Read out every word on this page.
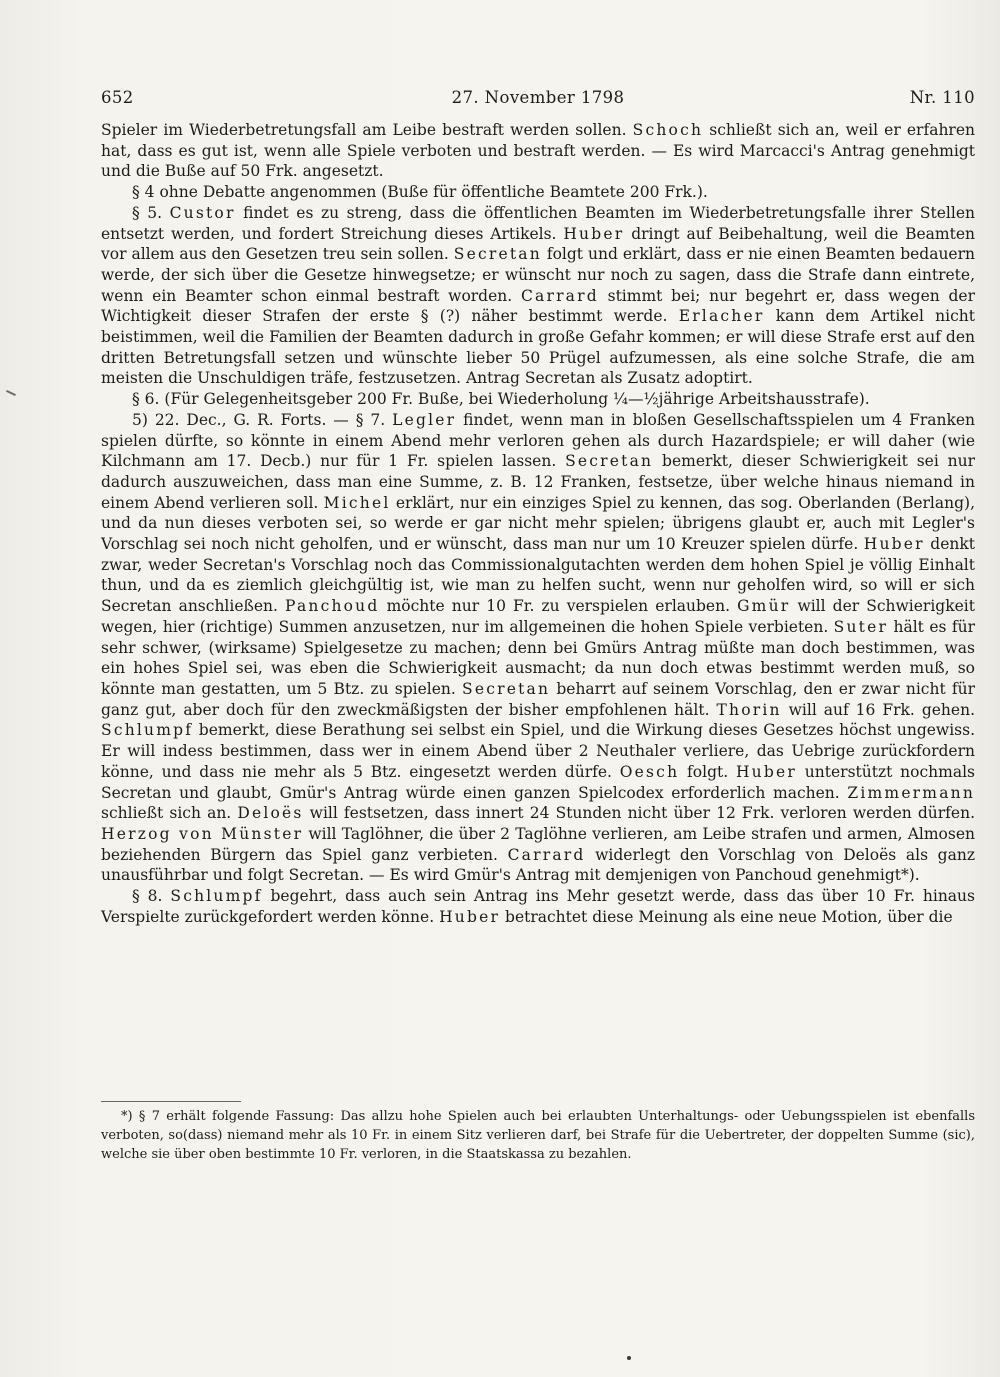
652	27. November 1798	Nr. 110

Spieler im Wiederbetretungsfall am Leibe bestraft werden sollen. Schoch schließt sich an, weil er erfahren hat, dass es gut ist, wenn alle Spiele verboten und bestraft werden. — Es wird Marcacci's Antrag genehmigt und die Buße auf 50 Frk. angesetzt.

§ 4 ohne Debatte angenommen (Buße für öffentliche Beamtete 200 Frk.).

§ 5. Custor findet es zu streng, dass die öffentlichen Beamten im Wiederbetretungsfalle ihrer Stellen entsetzt werden, und fordert Streichung dieses Artikels. Huber dringt auf Beibehaltung, weil die Beamten vor allem aus den Gesetzen treu sein sollen. Secretan folgt und erklärt, dass er nie einen Beamten bedauern werde, der sich über die Gesetze hinwegsetze; er wünscht nur noch zu sagen, dass die Strafe dann eintrete, wenn ein Beamter schon einmal bestraft worden. Carrard stimmt bei; nur begehrt er, dass wegen der Wichtigkeit dieser Strafen der erste § (?) näher bestimmt werde. Erlacher kann dem Artikel nicht beistimmen, weil die Familien der Beamten dadurch in große Gefahr kommen; er will diese Strafe erst auf den dritten Betretungsfall setzen und wünschte lieber 50 Prügel aufzumessen, als eine solche Strafe, die am meisten die Unschuldigen träfe, festzusetzen. Antrag Secretan als Zusatz adoptirt.

§ 6. (Für Gelegenheitsgeber 200 Fr. Buße, bei Wiederholung ¼—½jährige Arbeitshausstrafe).

5) 22. Dec., G. R. Forts. — § 7. Legler findet, wenn man in bloßen Gesellschaftsspielen um 4 Franken spielen dürfte, so könnte in einem Abend mehr verloren gehen als durch Hazardspiele; er will daher (wie Kilchmann am 17. Decb.) nur für 1 Fr. spielen lassen. Secretan bemerkt, dieser Schwierigkeit sei nur dadurch auszuweichen, dass man eine Summe, z. B. 12 Franken, festsetze, über welche hinaus niemand in einem Abend verlieren soll. Michel erklärt, nur ein einziges Spiel zu kennen, das sog. Oberlanden (Berlang), und da nun dieses verboten sei, so werde er gar nicht mehr spielen; übrigens glaubt er, auch mit Legler's Vorschlag sei noch nicht geholfen, und er wünscht, dass man nur um 10 Kreuzer spielen dürfe. Huber denkt zwar, weder Secretan's Vorschlag noch das Commissionalgutachten werden dem hohen Spiel je völlig Einhalt thun, und da es ziemlich gleichgültig ist, wie man zu helfen sucht, wenn nur geholfen wird, so will er sich Secretan anschließen. Panchoud möchte nur 10 Fr. zu verspielen erlauben. Gmür will der Schwierigkeit wegen, hier (richtige) Summen anzusetzen, nur im allgemeinen die hohen Spiele verbieten. Suter hält es für sehr schwer, (wirksame) Spielgesetze zu machen; denn bei Gmürs Antrag müßte man doch bestimmen, was ein hohes Spiel sei, was eben die Schwierigkeit ausmacht; da nun doch etwas bestimmt werden muß, so könnte man gestatten, um 5 Btz. zu spielen. Secretan beharrt auf seinem Vorschlag, den er zwar nicht für ganz gut, aber doch für den zweckmäßigsten der bisher empfohlenen hält. Thorin will auf 16 Frk. gehen. Schlumpf bemerkt, diese Berathung sei selbst ein Spiel, und die Wirkung dieses Gesetzes höchst ungewiss. Er will indess bestimmen, dass wer in einem Abend über 2 Neuthaler verliere, das Uebrige zurückfordern könne, und dass nie mehr als 5 Btz. eingesetzt werden dürfe. Oesch folgt. Huber unterstützt nochmals Secretan und glaubt, Gmür's Antrag würde einen ganzen Spielcodex erforderlich machen. Zimmermann schließt sich an. Deloës will festsetzen, dass innert 24 Stunden nicht über 12 Frk. verloren werden dürfen. Herzog von Münster will Taglöhner, die über 2 Taglöhne verlieren, am Leibe strafen und armen, Almosen beziehenden Bürgern das Spiel ganz verbieten. Carrard widerlegt den Vorschlag von Deloës als ganz unausführbar und folgt Secretan. — Es wird Gmür's Antrag mit demjenigen von Panchoud genehmigt*).

§ 8. Schlumpf begehrt, dass auch sein Antrag ins Mehr gesetzt werde, dass das über 10 Fr. hinaus Verspielte zurückgefordert werden könne. Huber betrachtet diese Meinung als eine neue Motion, über die

*) § 7 erhält folgende Fassung: Das allzu hohe Spielen auch bei erlaubten Unterhaltungs- oder Uebungsspielen ist ebenfalls verboten, so(dass) niemand mehr als 10 Fr. in einem Sitz verlieren darf, bei Strafe für die Uebertreter, der doppelten Summe (sic), welche sie über oben bestimmte 10 Fr. verloren, in die Staatskassa zu bezahlen.
